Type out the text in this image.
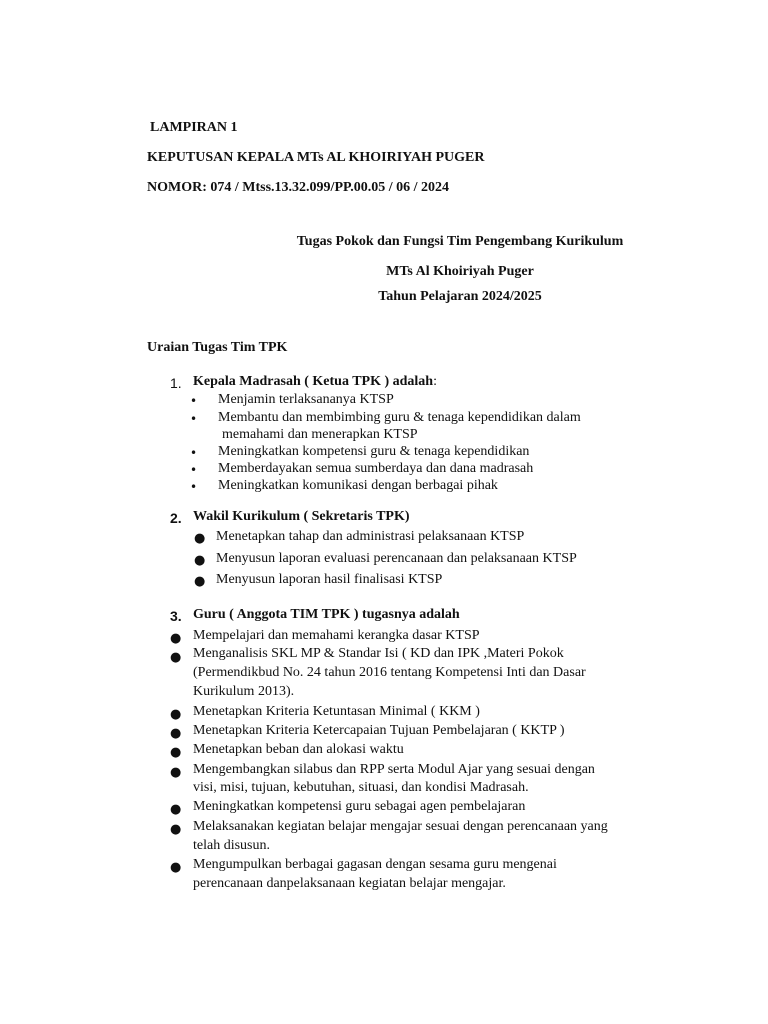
LAMPIRAN 1
KEPUTUSAN KEPALA MTs AL KHOIRIYAH PUGER
NOMOR: 074 / Mtss.13.32.099/PP.00.05 / 06 / 2024
Tugas Pokok dan Fungsi Tim Pengembang Kurikulum
MTs Al Khoiriyah Puger
Tahun Pelajaran 2024/2025
Uraian Tugas Tim TPK
1. Kepala Madrasah ( Ketua TPK ) adalah:
• Menjamin terlaksananya KTSP
• Membantu dan membimbing guru & tenaga kependidikan dalam
memahami dan menerapkan KTSP
• Meningkatkan kompetensi guru & tenaga kependidikan
• Memberdayakan semua sumberdaya dan dana madrasah
• Meningkatkan komunikasi dengan berbagai pihak
2. Wakil Kurikulum ( Sekretaris TPK)
● Menetapkan tahap dan administrasi pelaksanaan KTSP
● Menyusun laporan evaluasi perencanaan dan pelaksanaan KTSP
● Menyusun laporan hasil finalisasi KTSP
3. Guru ( Anggota TIM TPK ) tugasnya adalah
● Mempelajari dan memahami kerangka dasar KTSP
● Menganalisis SKL MP & Standar Isi ( KD dan IPK ,Materi Pokok
(Permendikbud No. 24 tahun 2016 tentang Kompetensi Inti dan Dasar
Kurikulum 2013).
● Menetapkan Kriteria Ketuntasan Minimal ( KKM )
● Menetapkan Kriteria Ketercapaian Tujuan Pembelajaran ( KKTP )
● Menetapkan beban dan alokasi waktu
● Mengembangkan silabus dan RPP serta Modul Ajar yang sesuai dengan
visi, misi, tujuan, kebutuhan, situasi, dan kondisi Madrasah.
● Meningkatkan kompetensi guru sebagai agen pembelajaran
● Melaksanakan kegiatan belajar mengajar sesuai dengan perencanaan yang
telah disusun.
● Mengumpulkan berbagai gagasan dengan sesama guru mengenai
perencanaan danpelaksanaan kegiatan belajar mengajar.
